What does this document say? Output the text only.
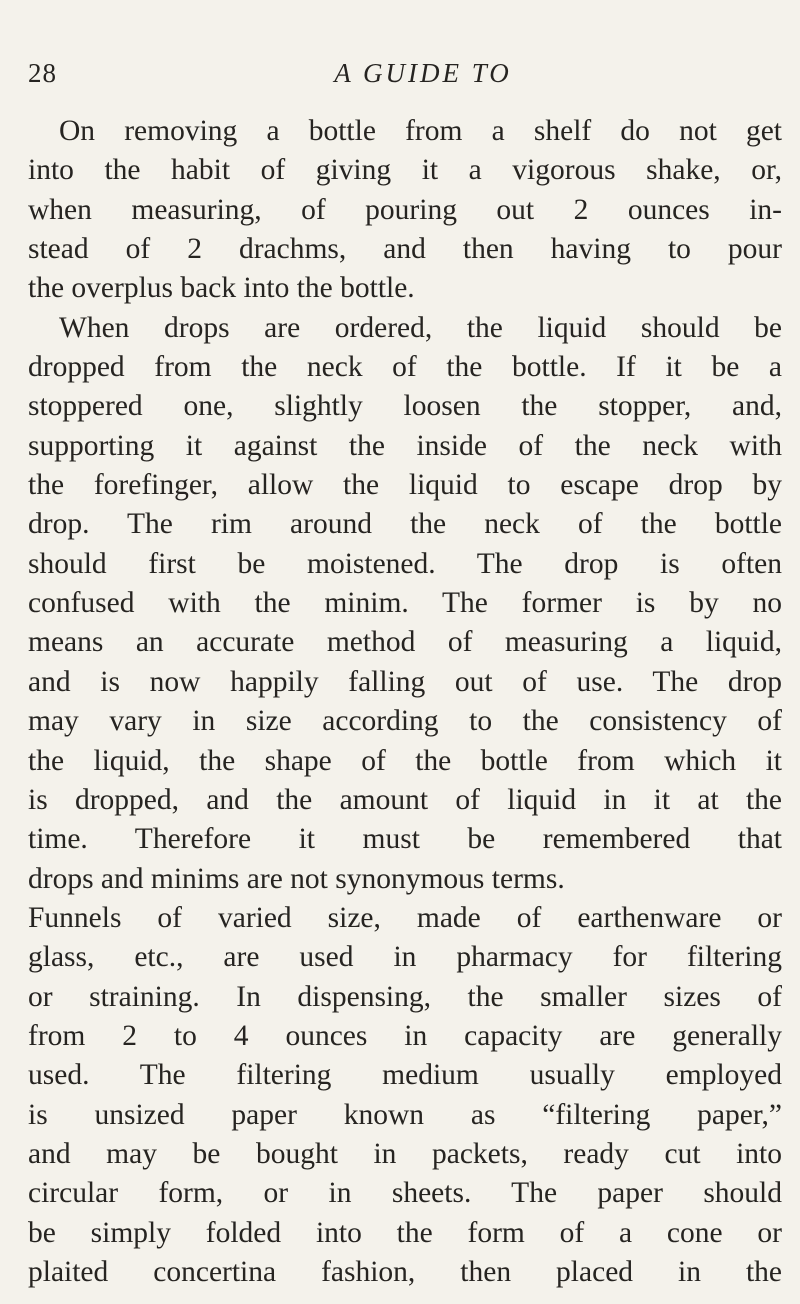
28	A GUIDE TO
On removing a bottle from a shelf do not get
into the habit of giving it a vigorous shake, or,
when measuring, of pouring out 2 ounces in-
stead of 2 drachms, and then having to pour
the overplus back into the bottle.
When drops are ordered, the liquid should be
dropped from the neck of the bottle. If it be a
stoppered one, slightly loosen the stopper, and,
supporting it against the inside of the neck with
the forefinger, allow the liquid to escape drop by
drop. The rim around the neck of the bottle
should first be moistened. The drop is often
confused with the minim. The former is by no
means an accurate method of measuring a liquid,
and is now happily falling out of use. The drop
may vary in size according to the consistency of
the liquid, the shape of the bottle from which it
is dropped, and the amount of liquid in it at the
time. Therefore it must be remembered that
drops and minims are not synonymous terms.
Funnels of varied size, made of earthenware or
glass, etc., are used in pharmacy for filtering
or straining. In dispensing, the smaller sizes of
from 2 to 4 ounces in capacity are generally
used. The filtering medium usually employed
is unsized paper known as “filtering paper,”
and may be bought in packets, ready cut into
circular form, or in sheets. The paper should
be simply folded into the form of a cone or
plaited concertina fashion, then placed in the
